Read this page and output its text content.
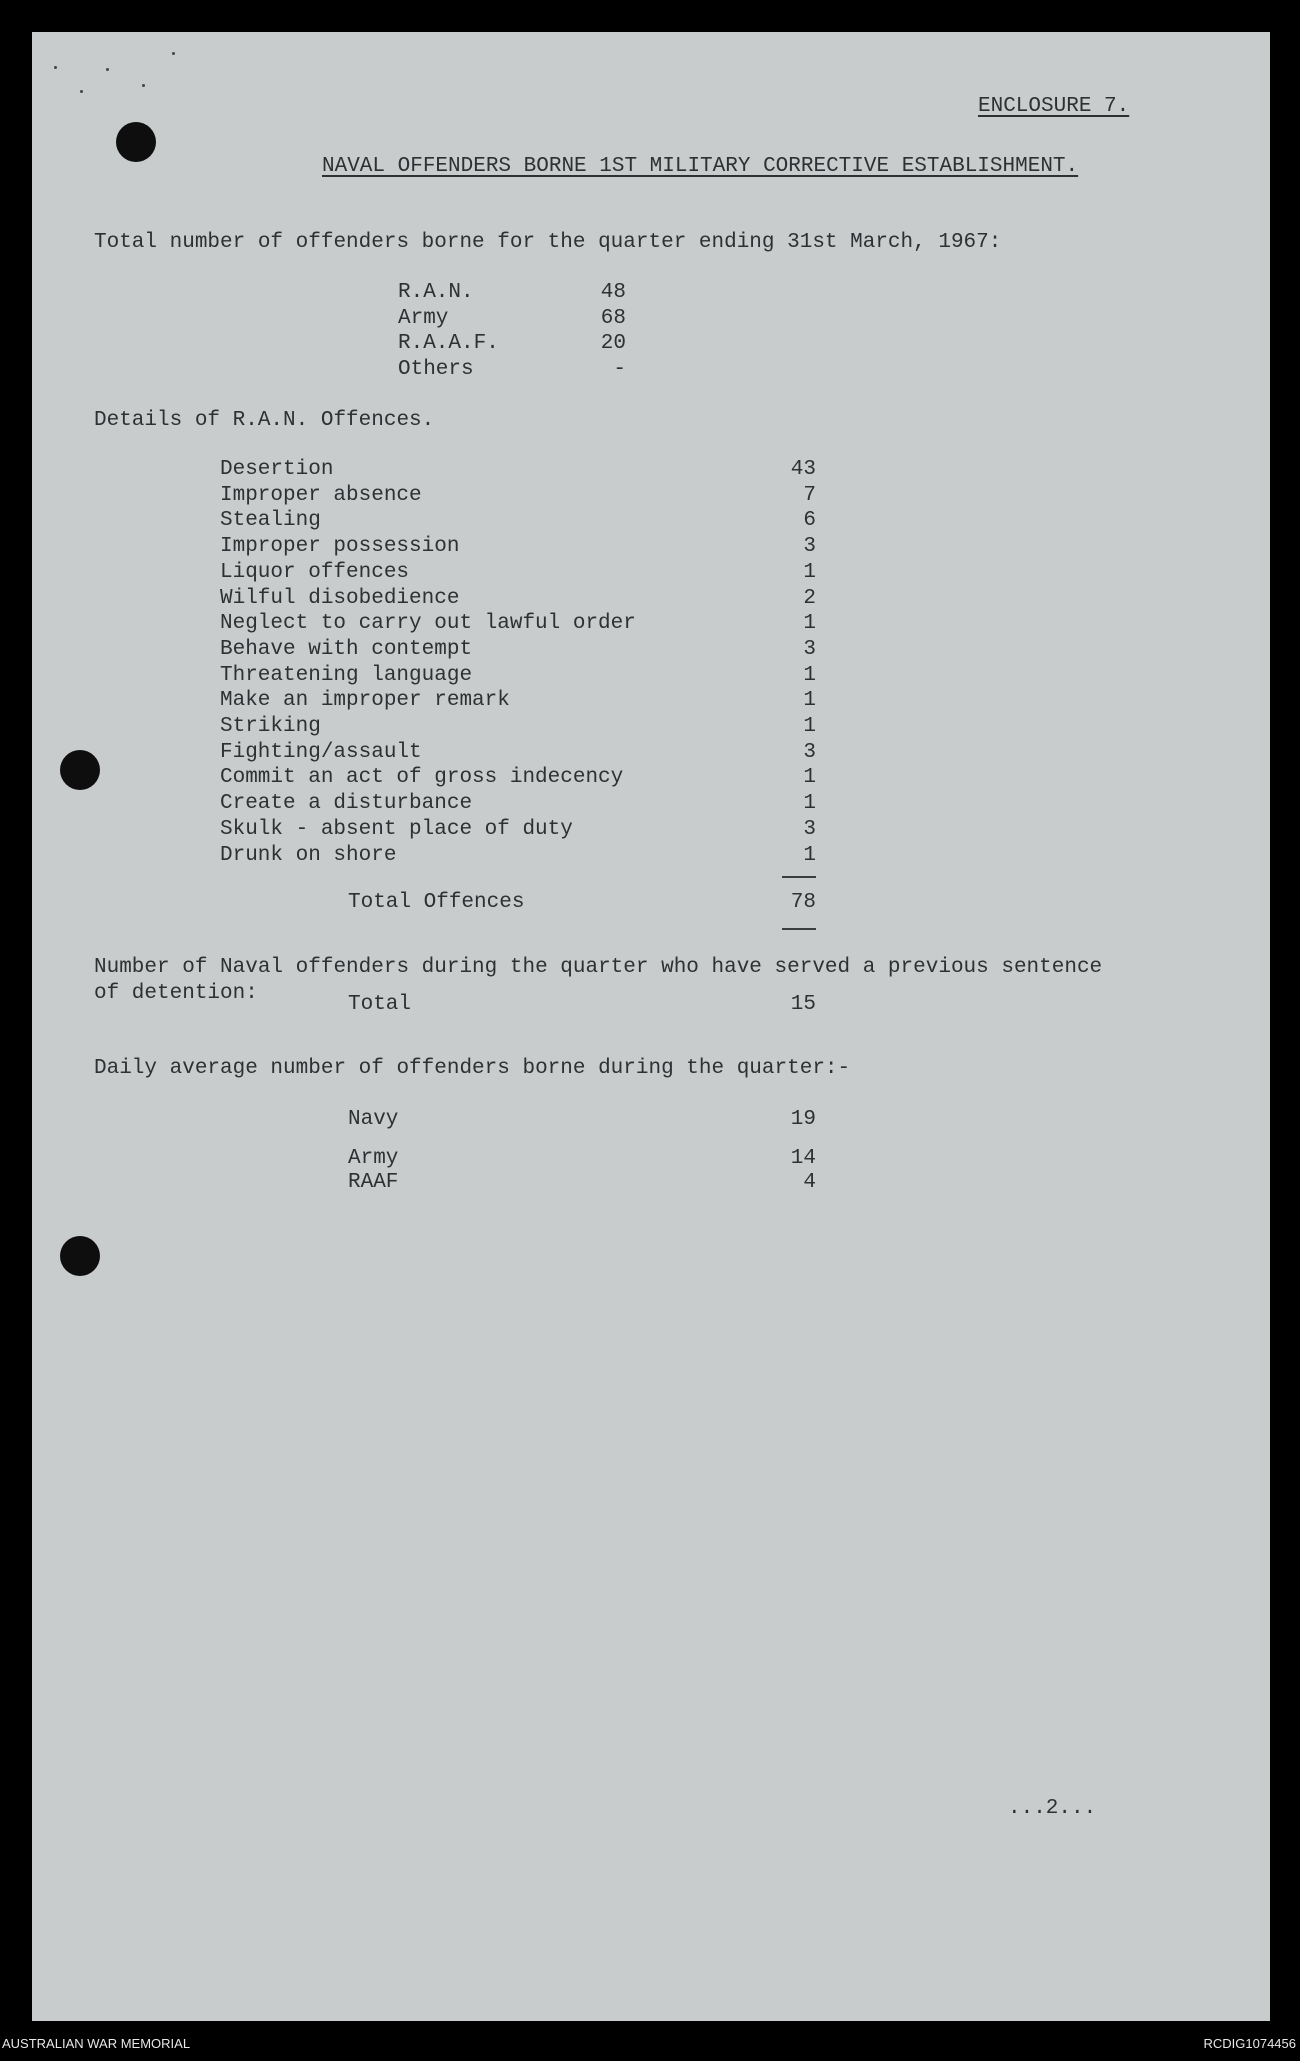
ENCLOSURE 7.
NAVAL OFFENDERS BORNE 1ST MILITARY CORRECTIVE ESTABLISHMENT.
Total number of offenders borne for the quarter ending 31st March, 1967:
R.A.N.	48
Army	68
R.A.A.F.	20
Others	-
Details of R.A.N. Offences.
Desertion	43
Improper absence	7
Stealing	6
Improper possession	3
Liquor offences	1
Wilful disobedience	2
Neglect to carry out lawful order	1
Behave with contempt	3
Threatening language	1
Make an improper remark	1
Striking	1
Fighting/assault	3
Commit an act of gross indecency	1
Create a disturbance	1
Skulk - absent place of duty	3
Drunk on shore	1
Total Offences	78
Number of Naval offenders during the quarter who have served a previous sentence
of detention:	Total	15
Daily average number of offenders borne during the quarter:-
Navy	19
Army	14
RAAF	4
...2...
AUSTRALIAN WAR MEMORIAL	RCDIG1074456
